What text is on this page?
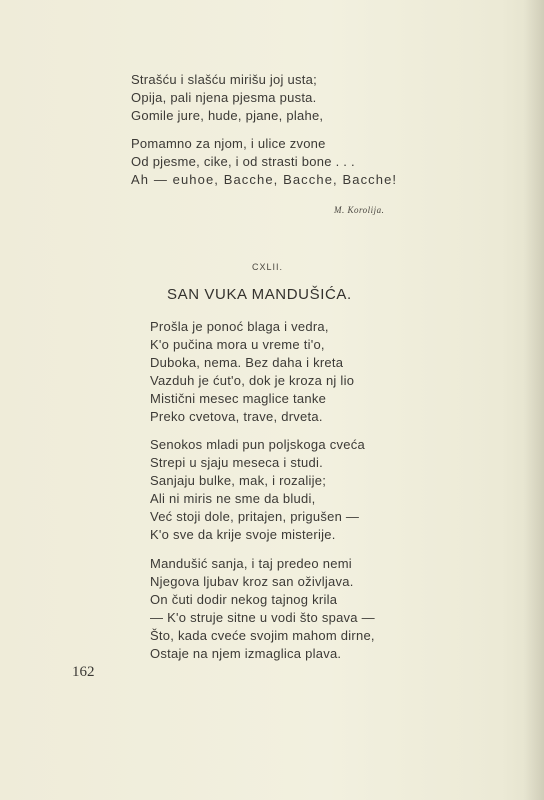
Strašću i slašću mirišu joj usta;
Opija, pali njena pjesma pusta.
Gomile jure, hude, pjane, plahe,
Pomamno za njom, i ulice zvone
Od pjesme, cike, i od strasti bone . . .
Ah — euhoe, Bacche, Bacche, Bacche!
M. Korolija.
CXLII.
SAN VUKA MANDUŠIĆA.
Prošla je ponoć blaga i vedra,
K'o pučina mora u vreme ti'o,
Duboka, nema. Bez daha i kreta
Vazduh je ćut'o, dok je kroza nj lio
Mistični mesec maglice tanke
Preko cvetova, trave, drveta.
Senokos mladi pun poljskoga cveća
Strepi u sjaju meseca i studi.
Sanjaju bulke, mak, i rozalije;
Ali ni miris ne sme da bludi,
Već stoji dole, pritajen, prigušen —
K'o sve da krije svoje misterije.
Mandušić sanja, i taj predeo nemi
Njegova ljubav kroz san oživljava.
On čuti dodir nekog tajnog krila
— K'o struje sitne u vodi što spava —
Što, kada cveće svojim mahom dirne,
Ostaje na njem izmaglica plava.
162
